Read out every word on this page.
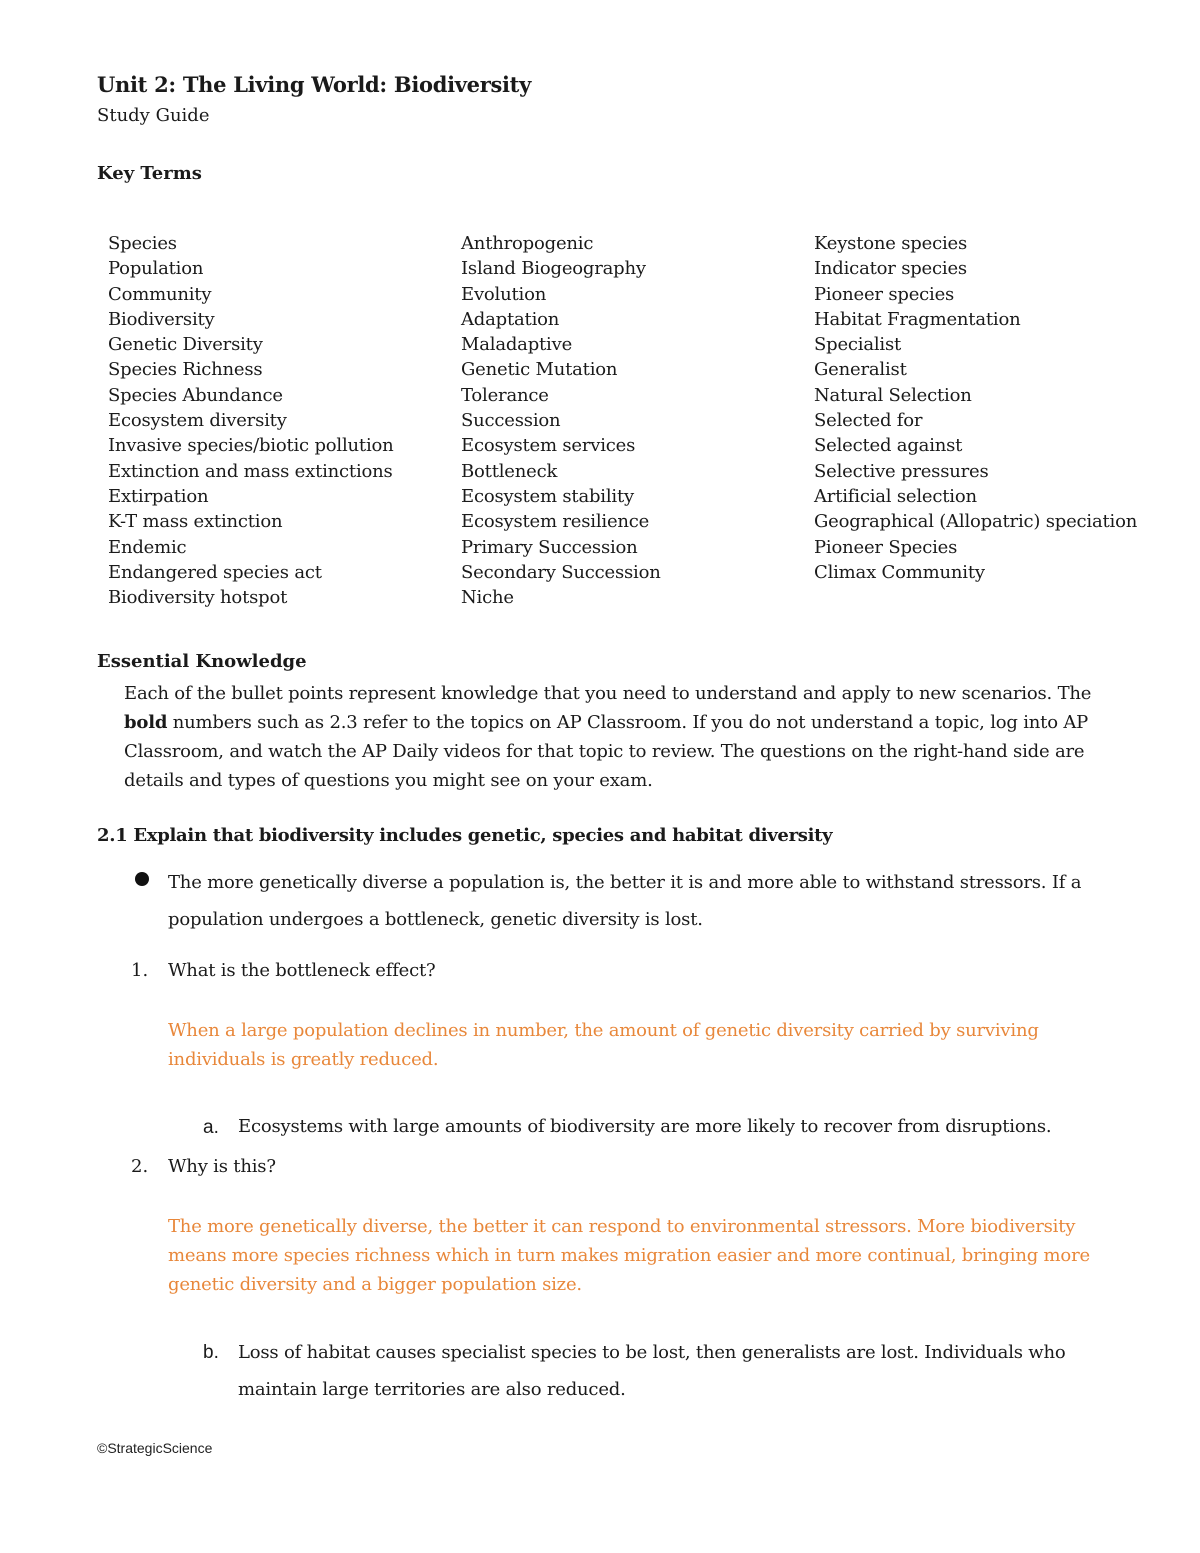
Unit 2: The Living World: Biodiversity
Study Guide
Key Terms
Species
Population
Community
Biodiversity
Genetic Diversity
Species Richness
Species Abundance
Ecosystem diversity
Invasive species/biotic pollution
Extinction and mass extinctions
Extirpation
K-T mass extinction
Endemic
Endangered species act
Biodiversity hotspot
Anthropogenic
Island Biogeography
Evolution
Adaptation
Maladaptive
Genetic Mutation
Tolerance
Succession
Ecosystem services
Bottleneck
Ecosystem stability
Ecosystem resilience
Primary Succession
Secondary Succession
Niche
Keystone species
Indicator species
Pioneer species
Habitat Fragmentation
Specialist
Generalist
Natural Selection
Selected for
Selected against
Selective pressures
Artificial selection
Geographical (Allopatric) speciation
Pioneer Species
Climax Community
Essential Knowledge
Each of the bullet points represent knowledge that you need to understand and apply to new scenarios. The bold numbers such as 2.3 refer to the topics on AP Classroom. If you do not understand a topic, log into AP Classroom, and watch the AP Daily videos for that topic to review. The questions on the right-hand side are details and types of questions you might see on your exam.
2.1 Explain that biodiversity includes genetic, species and habitat diversity
The more genetically diverse a population is, the better it is and more able to withstand stressors. If a population undergoes a bottleneck, genetic diversity is lost.
1. What is the bottleneck effect?
When a large population declines in number, the amount of genetic diversity carried by surviving individuals is greatly reduced.
a. Ecosystems with large amounts of biodiversity are more likely to recover from disruptions.
2. Why is this?
The more genetically diverse, the better it can respond to environmental stressors. More biodiversity means more species richness which in turn makes migration easier and more continual, bringing more genetic diversity and a bigger population size.
b. Loss of habitat causes specialist species to be lost, then generalists are lost. Individuals who maintain large territories are also reduced.
©StrategicScience
